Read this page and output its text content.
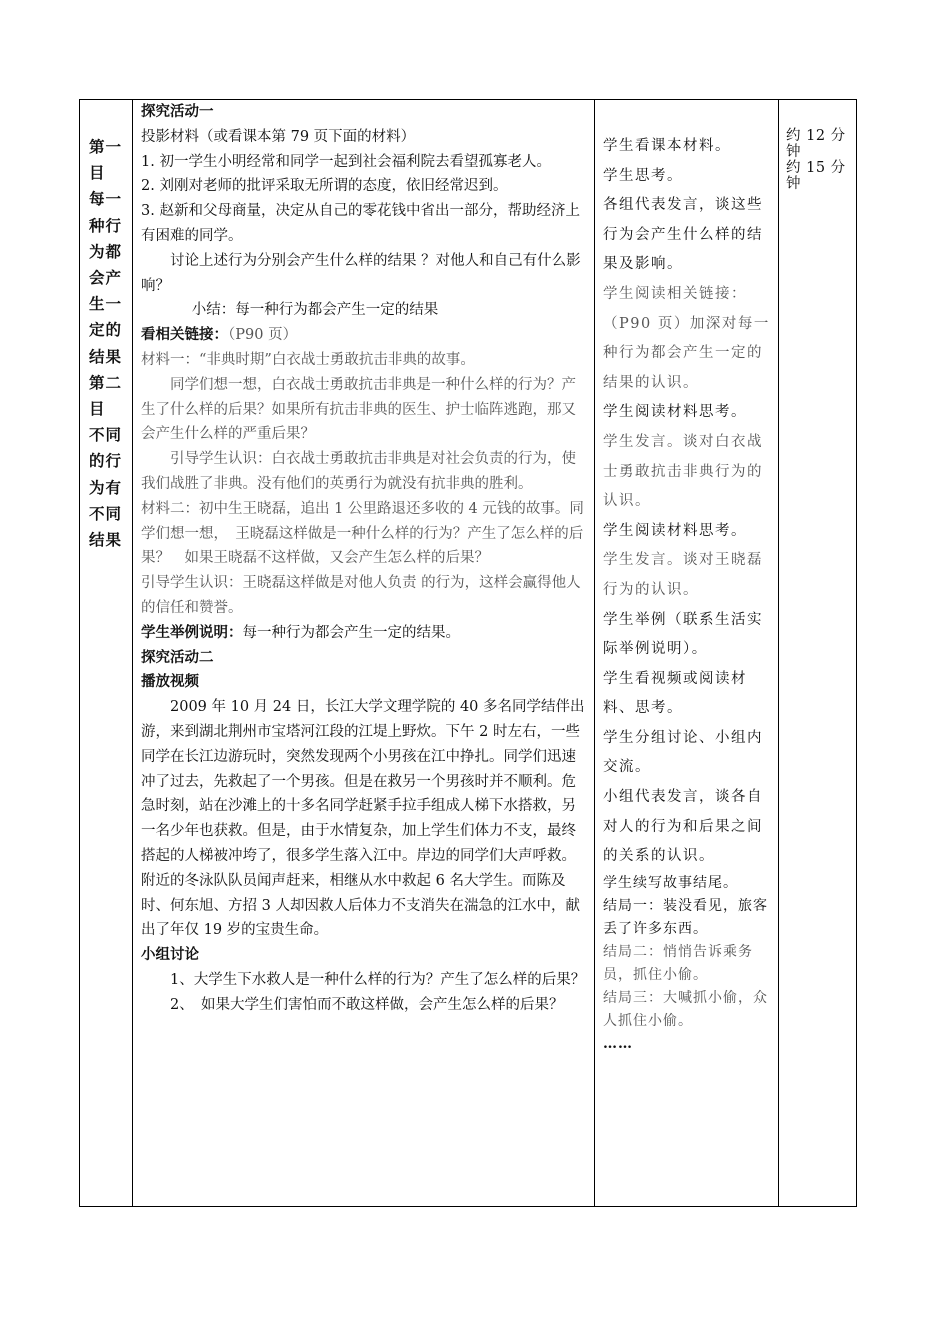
第一
目
每一
种行
为都
会产
生一
定的
结果
第二
目
不同
的行
为有
不同
结果

探究活动一

投影材料（或看课本第 79 页下面的材料）

1. 初一学生小明经常和同学一起到社会福利院去看望孤寡老人。

2. 刘刚对老师的批评采取无所谓的态度，依旧经常迟到。

3. 赵新和父母商量，决定从自己的零花钱中省出一部分，帮助经济上有困难的同学。

讨论上述行为分别会产生什么样的结果 ？对他人和自己有什么影响？

小结：每一种行为都会产生一定的结果

看相关链接：（P90 页）

材料一：“非典时期”白衣战士勇敢抗击非典的故事。

同学们想一想，白衣战士勇敢抗击非典是一种什么样的行为？产生了什么样的后果？如果所有抗击非典的医生、护士临阵逃跑，那又会产生什么样的严重后果？

引导学生认识：白衣战士勇敢抗击非典是对社会负责的行为，使我们战胜了非典。没有他们的英勇行为就没有抗非典的胜利。

材料二：初中生王晓磊，追出 1 公里路退还多收的 4 元钱的故事。同学们想一想，　王晓磊这样做是一种什么样的行为？产生了怎么样的后果？　如果王晓磊不这样做，又会产生怎么样的后果？

引导学生认识：王晓磊这样做是对他人负责 的行为，这样会赢得他人的信任和赞誉。

学生举例说明：每一种行为都会产生一定的结果。

探究活动二

播放视频

2009 年 10 月 24 日，长江大学文理学院的 40 多名同学结伴出游，来到湖北荆州市宝塔河江段的江堤上野炊。下午 2 时左右，一些同学在长江边游玩时，突然发现两个小男孩在江中挣扎。同学们迅速冲了过去，先救起了一个男孩。但是在救另一个男孩时并不顺利。危急时刻，站在沙滩上的十多名同学赶紧手拉手组成人梯下水搭救，另一名少年也获救。但是，由于水情复杂，加上学生们体力不支，最终搭起的人梯被冲垮了，很多学生落入江中。岸边的同学们大声呼救。附近的冬泳队队员闻声赶来，相继从水中救起 6 名大学生。而陈及时、何东旭、方招 3 人却因救人后体力不支消失在湍急的江水中，献出了年仅 19 岁的宝贵生命。

小组讨论

1、大学生下水救人是一种什么样的行为？产生了怎么样的后果？

2、　如果大学生们害怕而不敢这样做，会产生怎么样的后果？

学生看课本材料。

学生思考。

各组代表发言，谈这些行为会产生什么样的结果及影响。

学生阅读相关链接：（P90 页）加深对每一种行为都会产生一定的结果的认识。

学生阅读材料思考。

学生发言。谈对白衣战士勇敢抗击非典行为的认识。

学生阅读材料思考。

学生发言。谈对王晓磊行为的认识。

学生举例（联系生活实际举例说明）。

学生看视频或阅读材料、思考。

学生分组讨论、小组内交流。

小组代表发言，谈各自对人的行为和后果之间的关系的认识。

学生续写故事结尾。

结局一：装没看见，旅客丢了许多东西。

结局二：悄悄告诉乘务员，抓住小偷。

结局三：大喊抓小偷，众人抓住小偷。

……

约 12 分钟

约 15 分钟
